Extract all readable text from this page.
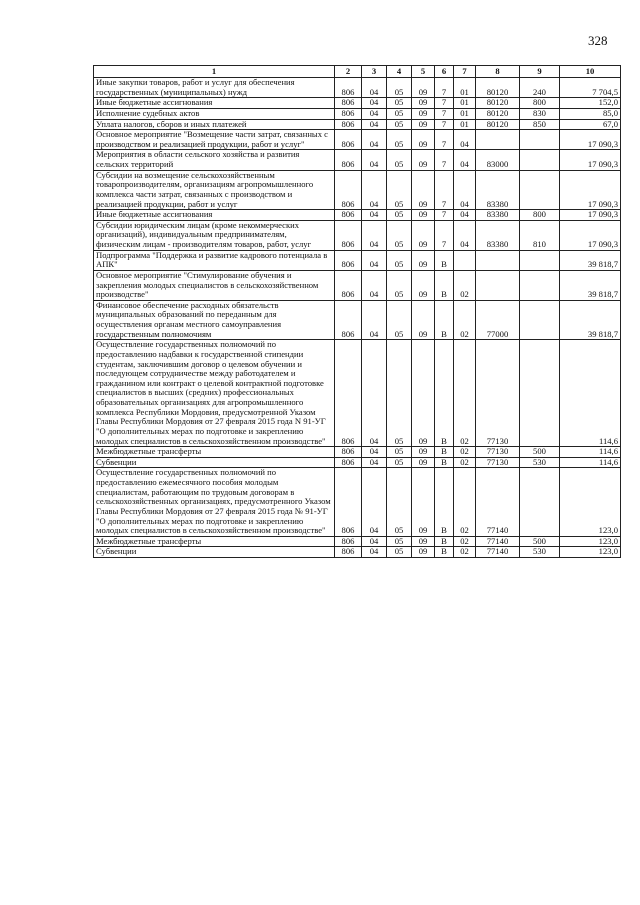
328
1	2	3	4	5	6	7	8	9	10
Иные закупки товаров, работ и услуг для обеспечения государственных (муниципальных) нужд	806	04	05	09	7	01	80120	240	7 704,5
Иные бюджетные ассигнования	806	04	05	09	7	01	80120	800	152,0
Исполнение судебных актов	806	04	05	09	7	01	80120	830	85,0
Уплата налогов, сборов и иных платежей	806	04	05	09	7	01	80120	850	67,0
Основное мероприятие "Возмещение части затрат, связанных с производством и реализацией продукции, работ и услуг"	806	04	05	09	7	04			17 090,3
Мероприятия в области сельского хозяйства и развития сельских территорий	806	04	05	09	7	04	83000		17 090,3
Субсидии на возмещение сельскохозяйственным товаропроизводителям, организациям агропромышленного комплекса части затрат, связанных с производством и реализацией продукции, работ и услуг	806	04	05	09	7	04	83380		17 090,3
Иные бюджетные ассигнования	806	04	05	09	7	04	83380	800	17 090,3
Субсидии юридическим лицам (кроме некоммерческих организаций), индивидуальным предпринимателям, физическим лицам - производителям товаров, работ, услуг	806	04	05	09	7	04	83380	810	17 090,3
Подпрограмма "Поддержка и развитие кадрового потенциала в АПК"	806	04	05	09	В				39 818,7
Основное мероприятие "Стимулирование обучения и закрепления молодых специалистов в сельскохозяйственном производстве"	806	04	05	09	В	02			39 818,7
Финансовое обеспечение расходных обязательств муниципальных образований по переданным для осуществления органам местного самоуправления государственным полномочиям	806	04	05	09	В	02	77000		39 818,7
Осуществление государственных полномочий по предоставлению надбавки к государственной стипендии студентам, заключившим договор о целевом обучении и последующем сотрудничестве между работодателем и гражданином или контракт о целевой контрактной подготовке специалистов в высших (средних) профессиональных образовательных организациях для агропромышленного комплекса Республики Мордовия, предусмотренной Указом Главы Республики Мордовия от 27 февраля 2015 года N 91-УГ "О дополнительных мерах по подготовке и закреплению молодых специалистов в сельскохозяйственном производстве"	806	04	05	09	В	02	77130		114,6
Межбюджетные трансферты	806	04	05	09	В	02	77130	500	114,6
Субвенции	806	04	05	09	В	02	77130	530	114,6
Осуществление государственных полномочий по предоставлению ежемесячного пособия молодым специалистам, работающим по трудовым договорам в сельскохозяйственных организациях, предусмотренного Указом Главы Республики Мордовия от 27 февраля 2015 года № 91-УГ "О дополнительных мерах по подготовке и закреплению молодых специалистов в сельскохозяйственном производстве"	806	04	05	09	В	02	77140		123,0
Межбюджетные трансферты	806	04	05	09	В	02	77140	500	123,0
Субвенции	806	04	05	09	В	02	77140	530	123,0
